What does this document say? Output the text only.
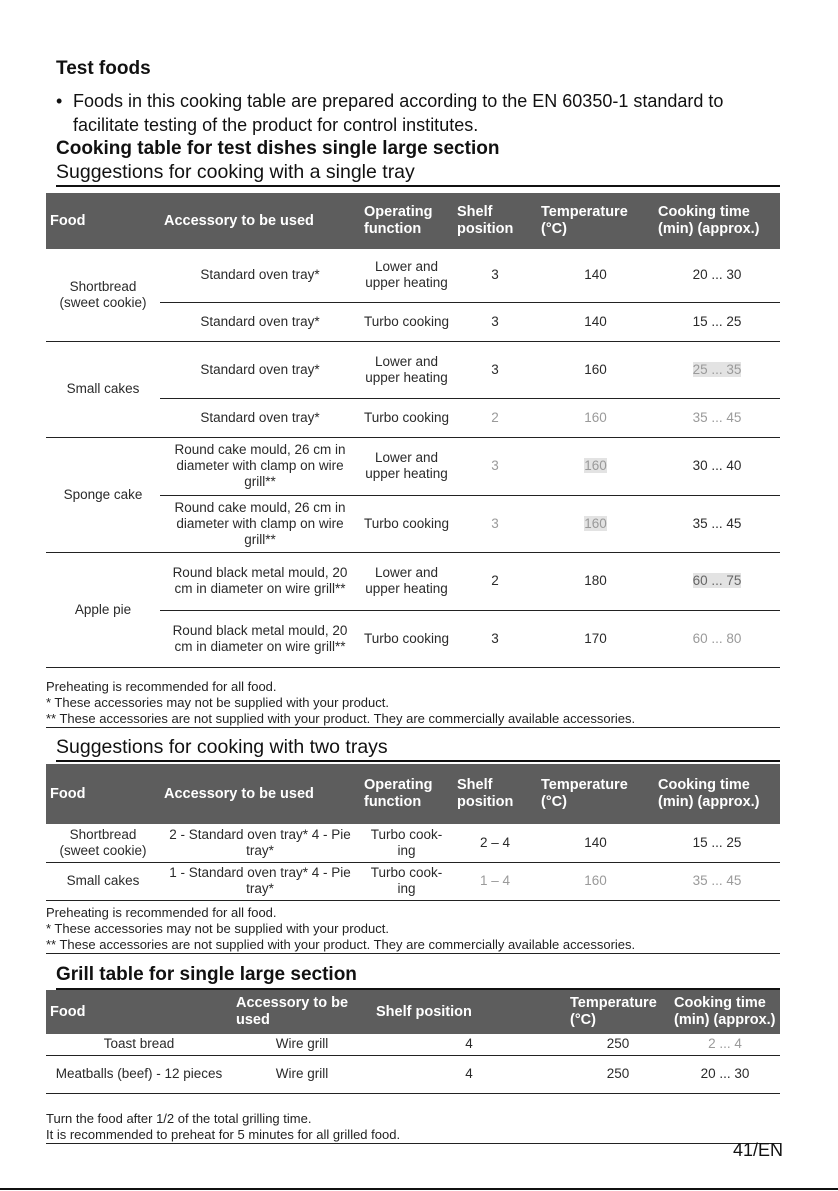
Test foods
• Foods in this cooking table are prepared according to the EN 60350-1 standard to facilitate testing of the product for control institutes.
Cooking table for test dishes single large section
Suggestions for cooking with a single tray
Food	Accessory to be used	Operating function	Shelf position	Temperature (°C)	Cooking time (min) (approx.)
Shortbread (sweet cookie)	Standard oven tray*	Lower and upper heating	3	140	20 ... 30
	Standard oven tray*	Turbo cooking	3	140	15 ... 25
Small cakes	Standard oven tray*	Lower and upper heating	3	160	25 ... 35
	Standard oven tray*	Turbo cooking	2	160	35 ... 45
Sponge cake	Round cake mould, 26 cm in diameter with clamp on wire grill**	Lower and upper heating	3	160	30 ... 40
	Round cake mould, 26 cm in diameter with clamp on wire grill**	Turbo cooking	3	160	35 ... 45
Apple pie	Round black metal mould, 20 cm in diameter on wire grill**	Lower and upper heating	2	180	60 ... 75
	Round black metal mould, 20 cm in diameter on wire grill**	Turbo cooking	3	170	60 ... 80
Preheating is recommended for all food.
* These accessories may not be supplied with your product.
** These accessories are not supplied with your product. They are commercially available accessories.
Suggestions for cooking with two trays
Food	Accessory to be used	Operating function	Shelf position	Temperature (°C)	Cooking time (min) (approx.)
Shortbread (sweet cookie)	2 - Standard oven tray* 4 - Pie tray*	Turbo cook- ing	2 – 4	140	15 ... 25
Small cakes	1 - Standard oven tray* 4 - Pie tray*	Turbo cook- ing	1 – 4	160	35 ... 45
Preheating is recommended for all food.
* These accessories may not be supplied with your product.
** These accessories are not supplied with your product. They are commercially available accessories.
Grill table for single large section
Food	Accessory to be used	Shelf position	Temperature (°C)	Cooking time (min) (approx.)
Toast bread	Wire grill	4	250	2 ... 4
Meatballs (beef) - 12 pieces	Wire grill	4	250	20 ... 30
Turn the food after 1/2 of the total grilling time.
It is recommended to preheat for 5 minutes for all grilled food.
41/EN
